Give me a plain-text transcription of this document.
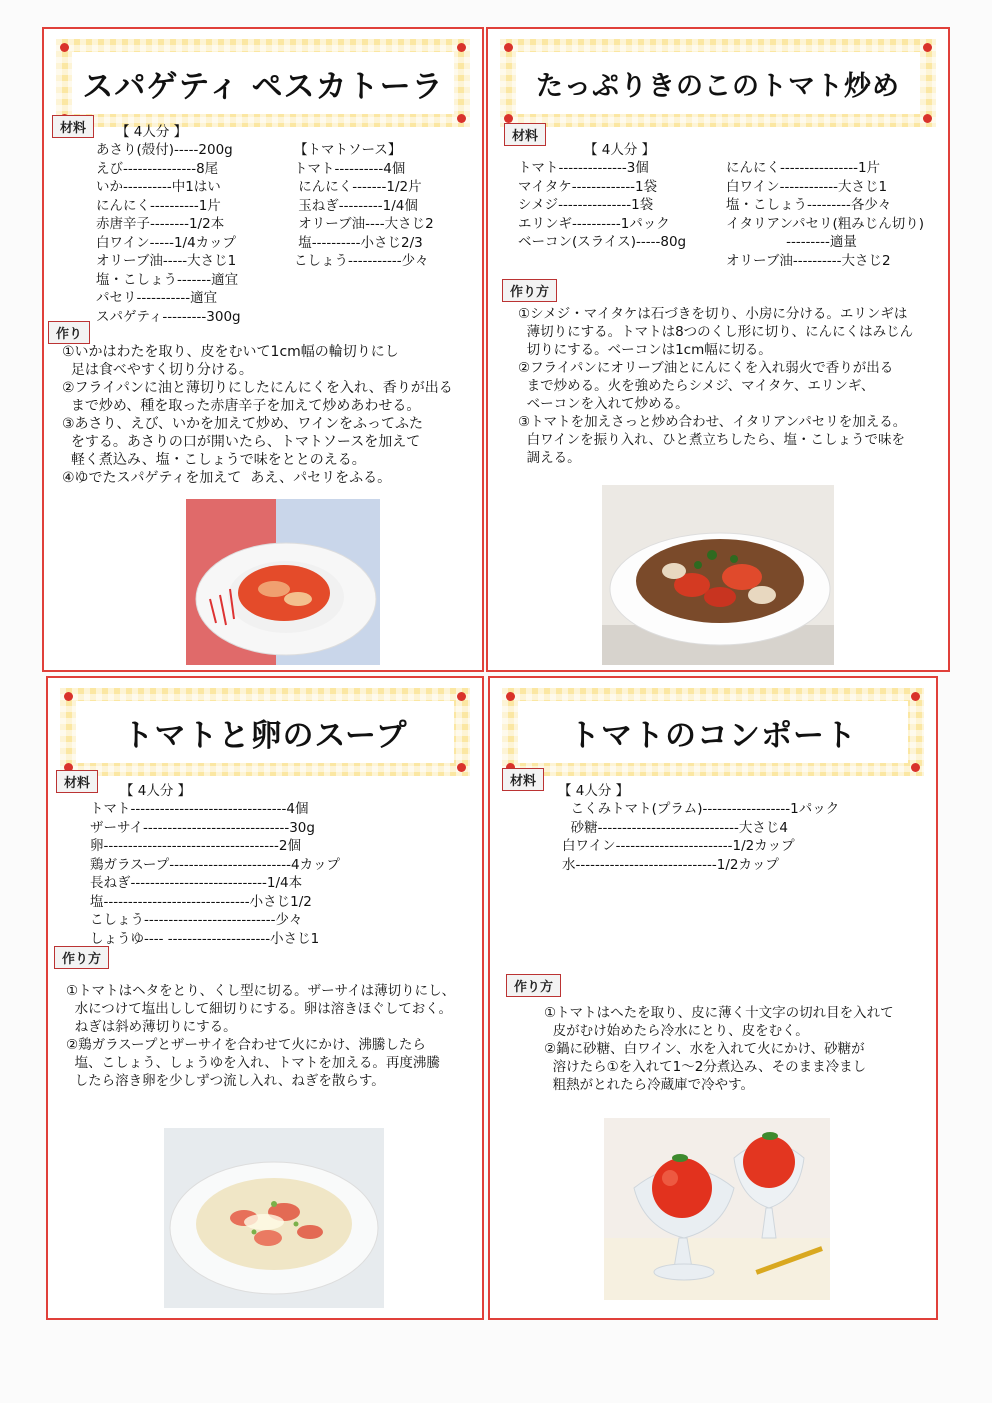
スパゲティ ペスカトーラ
材料	【 4人分 】
あさり(殻付)-----200g
えび---------------8尾
いか----------中1はい
にんにく----------1片
赤唐辛子--------1/2本
白ワイン-----1/4カップ
オリーブ油-----大さじ1
塩・こしょう-------適宜
パセリ-----------適宜
スパゲティ---------300g
【トマトソース】
トマト----------4個
にんにく-------1/2片
玉ねぎ---------1/4個
オリーブ油----大さじ2
塩----------小さじ2/3
こしょう-----------少々
作り
①いかはわたを取り、皮をむいて1cm幅の輪切りにし
足は食べやすく切り分ける。
②フライパンに油と薄切りにしたにんにくを入れ、香りが出る
まで炒め、種を取った赤唐辛子を加えて炒めあわせる。
③あさり、えび、いかを加えて炒め、ワインをふってふた
をする。あさりの口が開いたら、トマトソースを加えて
軽く煮込み、塩・こしょうで味をととのえる。
④ゆでたスパゲティを加えて  あえ、パセリをふる。
たっぷりきのこのトマト炒め
材料
【 4人分 】
トマト--------------3個
マイタケ-------------1袋
シメジ---------------1袋
エリンギ----------1パック
ベーコン(スライス)-----80g
にんにく----------------1片
白ワイン------------大さじ1
塩・こしょう---------各少々
イタリアンパセリ(粗みじん切り)
---------適量
オリーブ油----------大さじ2
作り方
①シメジ・マイタケは石づきを切り、小房に分ける。エリンギは
薄切りにする。トマトは8つのくし形に切り、にんにくはみじん
切りにする。ベーコンは1cm幅に切る。
②フライパンにオリーブ油とにんにくを入れ弱火で香りが出る
まで炒める。火を強めたらシメジ、マイタケ、エリンギ、
ベーコンを入れて炒める。
③トマトを加えさっと炒め合わせ、イタリアンパセリを加える。
白ワインを振り入れ、ひと煮立ちしたら、塩・こしょうで味を
調える。
トマトと卵のスープ
材料	【 4人分 】
トマト--------------------------------4個
ザーサイ------------------------------30g
卵------------------------------------2個
鶏ガラスープ-------------------------4カップ
長ねぎ----------------------------1/4本
塩------------------------------小さじ1/2
こしょう---------------------------少々
しょうゆ---- ---------------------小さじ1
作り方
①トマトはヘタをとり、くし型に切る。ザーサイは薄切りにし、
水につけて塩出しして細切りにする。卵は溶きほぐしておく。
ねぎは斜め薄切りにする。
②鶏ガラスープとザーサイを合わせて火にかけ、沸騰したら
塩、こしょう、しょうゆを入れ、トマトを加える。再度沸騰
したら溶き卵を少しずつ流し入れ、ねぎを散らす。
トマトのコンポート
材料
【 4人分 】
こくみトマト(プラム)------------------1パック
砂糖-----------------------------大さじ4
白ワイン------------------------1/2カップ
水-----------------------------1/2カップ
作り方
①トマトはへたを取り、皮に薄く十文字の切れ目を入れて
皮がむけ始めたら冷水にとり、皮をむく。
②鍋に砂糖、白ワイン、水を入れて火にかけ、砂糖が
溶けたら①を入れて1～2分煮込み、そのまま冷まし
粗熱がとれたら冷蔵庫で冷やす。
